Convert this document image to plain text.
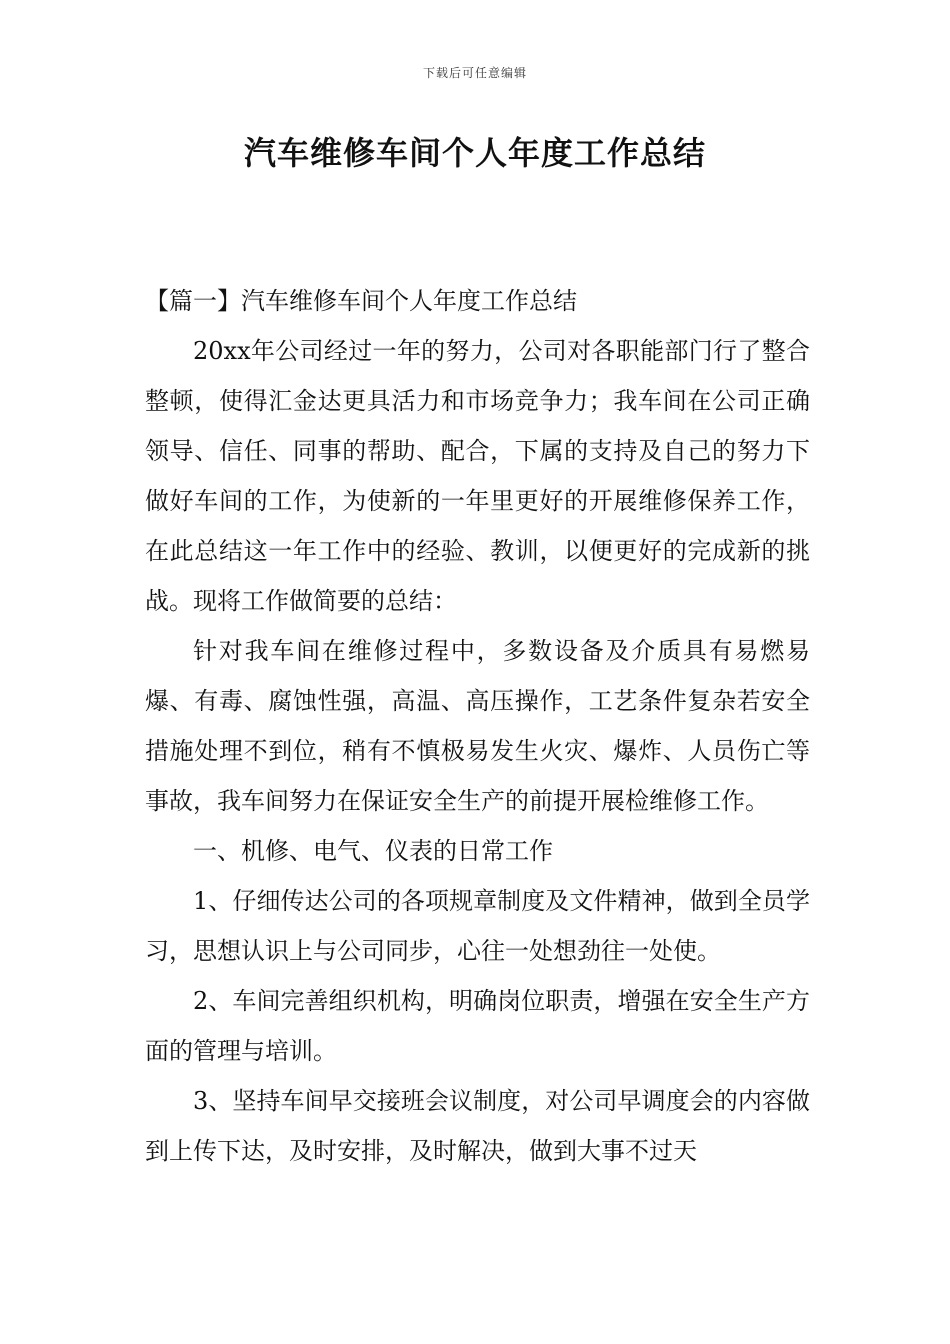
下载后可任意编辑
汽车维修车间个人年度工作总结

【篇一】汽车维修车间个人年度工作总结

20xx年公司经过一年的努力，公司对各职能部门行了整合整顿，使得汇金达更具活力和市场竞争力；我车间在公司正确领导、信任、同事的帮助、配合，下属的支持及自己的努力下做好车间的工作，为使新的一年里更好的开展维修保养工作，在此总结这一年工作中的经验、教训，以便更好的完成新的挑战。现将工作做简要的总结：

针对我车间在维修过程中，多数设备及介质具有易燃易爆、有毒、腐蚀性强，高温、高压操作，工艺条件复杂若安全措施处理不到位，稍有不慎极易发生火灾、爆炸、人员伤亡等事故，我车间努力在保证安全生产的前提开展检维修工作。

一、机修、电气、仪表的日常工作

1、仔细传达公司的各项规章制度及文件精神，做到全员学习，思想认识上与公司同步，心往一处想劲往一处使。

2、车间完善组织机构，明确岗位职责，增强在安全生产方面的管理与培训。

3、坚持车间早交接班会议制度，对公司早调度会的内容做到上传下达，及时安排，及时解决，做到大事不过天
